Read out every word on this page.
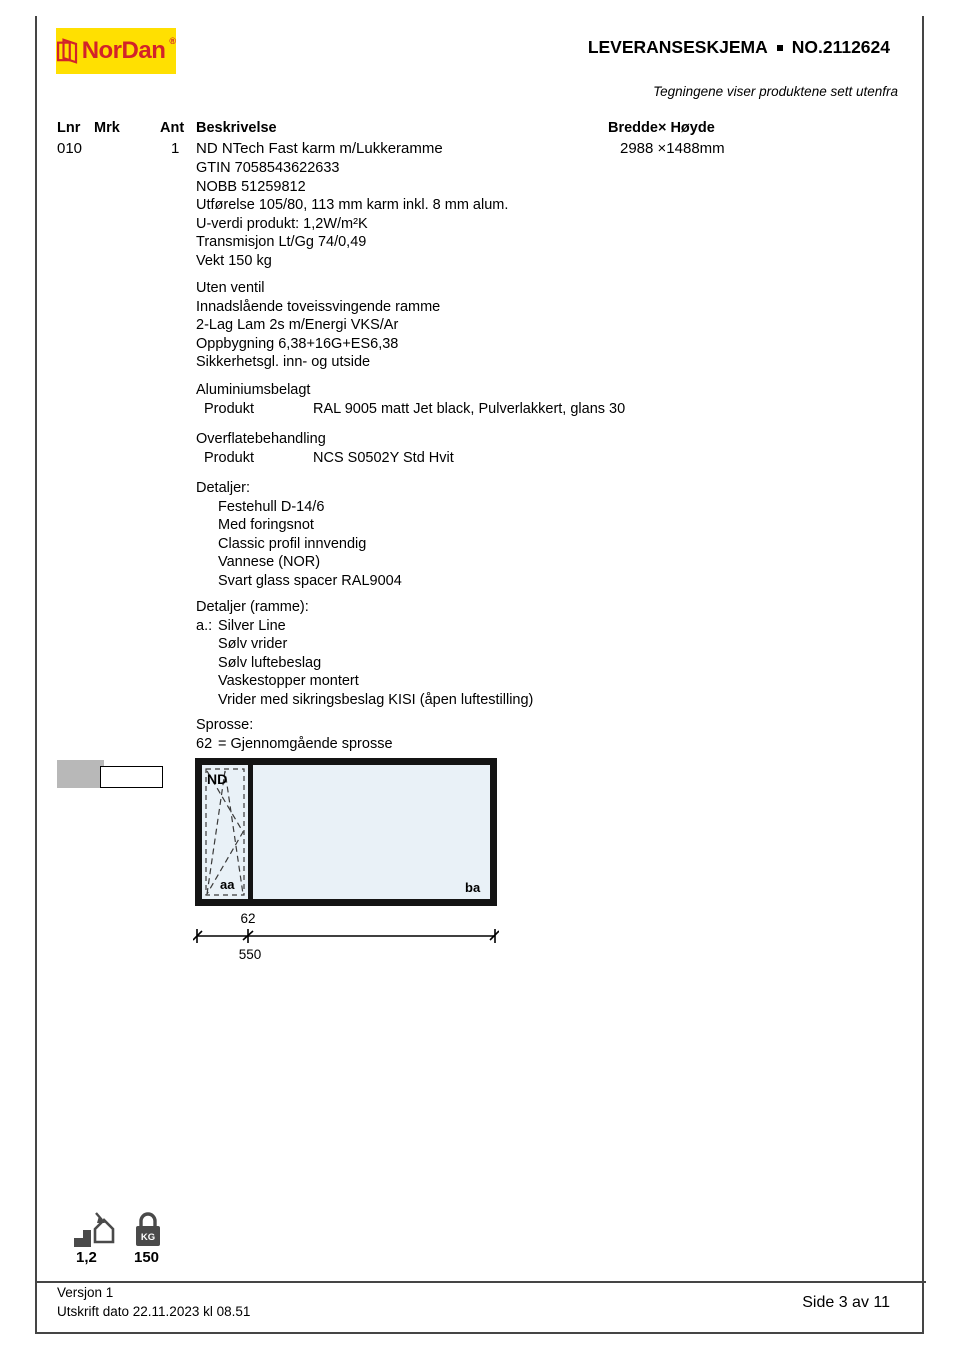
NorDan ®	LEVERANSESKJEMA NO.2112624
Tegningene viser produktene sett utenfra
Lnr Mrk	Ant Beskrivelse	Bredde× Høyde
010	1 ND NTech Fast karm m/Lukkeramme	2988 ×1488mm
GTIN 7058543622633
NOBB 51259812
Utførelse 105/80, 113 mm karm inkl. 8 mm alum.
U-verdi produkt: 1,2W/m²K
Transmisjon Lt/Gg 74/0,49
Vekt 150 kg
Uten ventil
Innadslående toveissvingende ramme
2-Lag Lam 2s m/Energi VKS/Ar
Oppbygning 6,38+16G+ES6,38
Sikkerhetsgl. inn- og utside
Aluminiumsbelagt
Produkt	RAL 9005 matt Jet black, Pulverlakkert, glans 30
Overflatebehandling
Produkt	NCS S0502Y Std Hvit
Detaljer:
Festehull D-14/6
Med foringsnot
Classic profil innvendig
Vannese (NOR)
Svart glass spacer RAL9004
Detaljer (ramme):
a.: Silver Line
Sølv vrider
Sølv luftebeslag
Vaskestopper montert
Vrider med sikringsbeslag KISI (åpen luftestilling)
Sprosse:
62 = Gjennomgående sprosse
ND
aa	ba
62
550
1,2
KG
150
Versjon 1
Utskrift dato 22.11.2023 kl 08.51
Side 3 av 11
